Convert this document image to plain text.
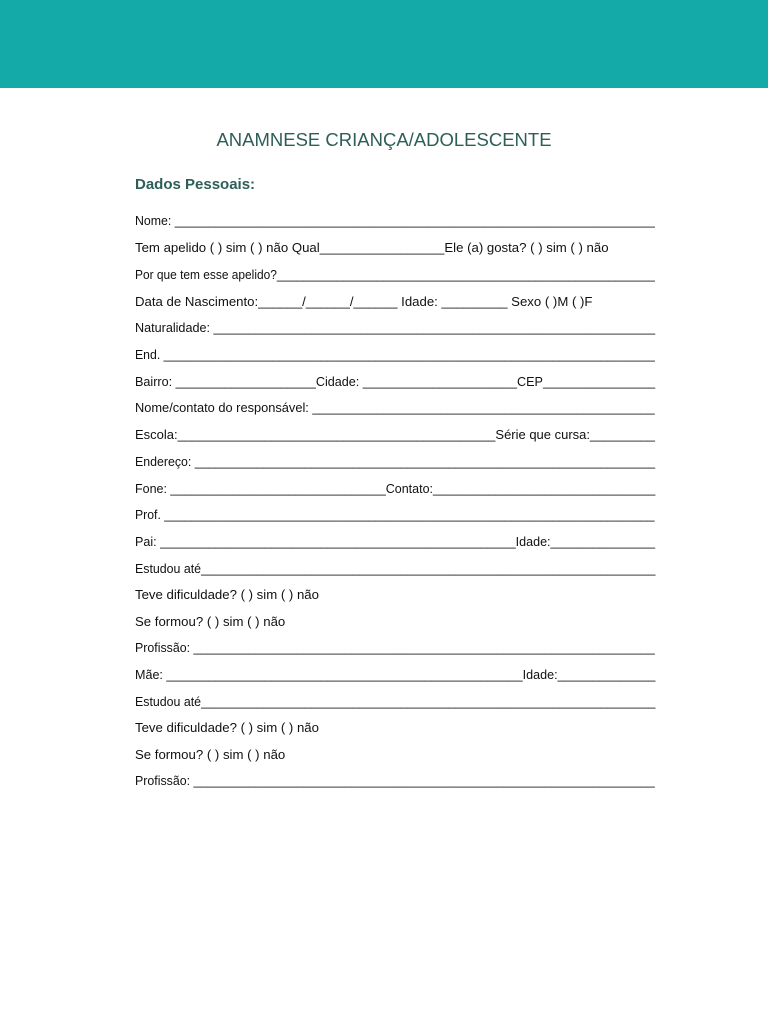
ANAMNESE CRIANÇA/ADOLESCENTE
Dados Pessoais:
Nome: ______________________________________________________________________
Tem apelido ( ) sim ( ) não Qual_________________Ele (a) gosta? ( ) sim ( ) não
Por que tem esse apelido?_________________________________________________________
Data de Nascimento:______/______/______ Idade: _________ Sexo ( )M ( )F
Naturalidade: _______________________________________________________________
End. ________________________________________________________________________
Bairro: ____________________Cidade: ______________________CEP________________
Nome/contato do responsável: ________________________________________________
Escola:____________________________________________Série que cursa:_________
Endereço: ___________________________________________________________________
Fone: _______________________________Contato:________________________________
Prof. ________________________________________________________________________
Pai: ___________________________________________________Idade:_______________
Estudou até__________________________________________________________________
Teve dificuldade? ( ) sim ( ) não
Se formou? ( ) sim ( ) não
Profissão: ___________________________________________________________________
Mãe: ___________________________________________________Idade:______________
Estudou até__________________________________________________________________
Teve dificuldade? ( ) sim ( ) não
Se formou? ( ) sim ( ) não
Profissão: ___________________________________________________________________
